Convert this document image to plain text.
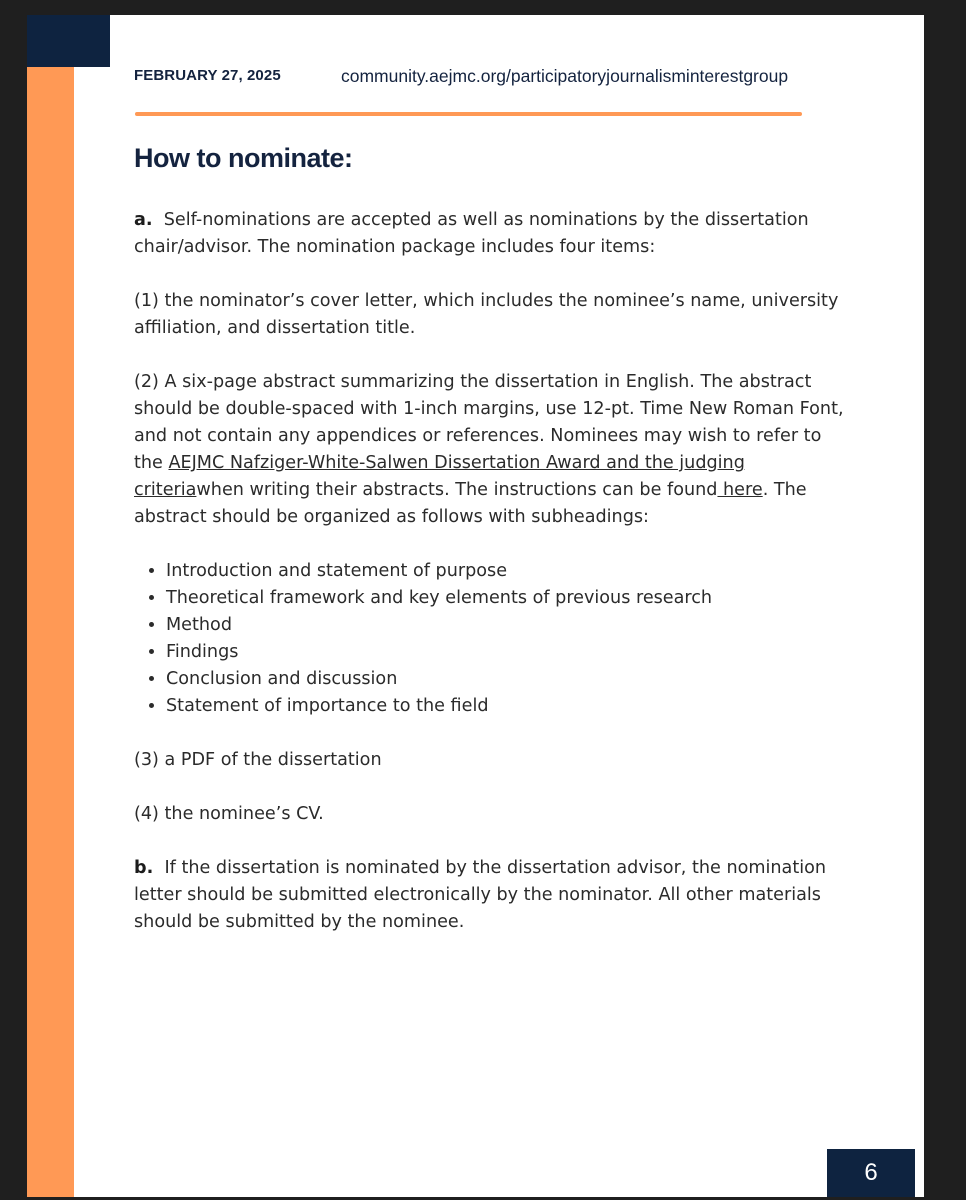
FEBRUARY 27, 2025	community.aejmc.org/participatoryjournalisminterestgroup
How to nominate:

a. Self-nominations are accepted as well as nominations by the dissertation chair/advisor. The nomination package includes four items:

(1) the nominator’s cover letter, which includes the nominee’s name, university affiliation, and dissertation title.

(2) A six-page abstract summarizing the dissertation in English. The abstract should be double-spaced with 1-inch margins, use 12-pt. Time New Roman Font, and not contain any appendices or references. Nominees may wish to refer to the AEJMC Nafziger-White-Salwen Dissertation Award and the judging criteriawhen writing their abstracts. The instructions can be found here. The abstract should be organized as follows with subheadings:

• Introduction and statement of purpose
• Theoretical framework and key elements of previous research
• Method
• Findings
• Conclusion and discussion
• Statement of importance to the field

(3) a PDF of the dissertation

(4) the nominee’s CV.

b. If the dissertation is nominated by the dissertation advisor, the nomination letter should be submitted electronically by the nominator. All other materials should be submitted by the nominee.

6
